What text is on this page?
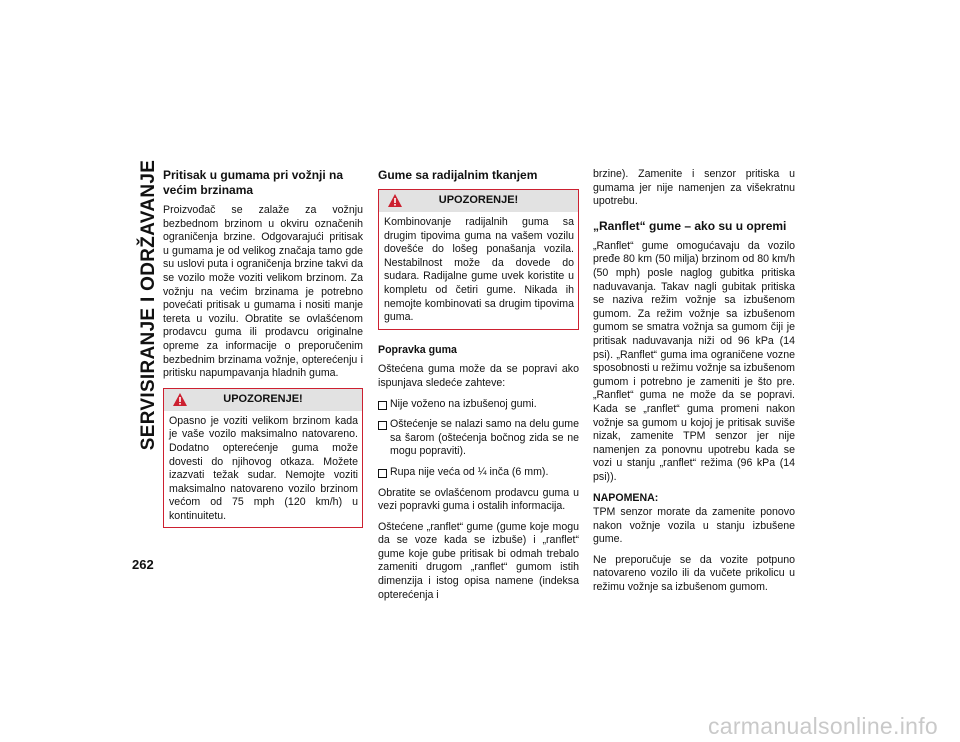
SERVISIRANJE I ODRŽAVANJE
262
Pritisak u gumama pri vožnji na većim brzinama

Proizvođač se zalaže za vožnju bezbednom brzinom u okviru označenih ograničenja brzine. Odgovarajući pritisak u gumama je od velikog značaja tamo gde su uslovi puta i ograničenja brzine takvi da se vozilo može voziti velikom brzinom. Za vožnju na većim brzinama je potrebno povećati pritisak u gumama i nositi manje tereta u vozilu. Obratite se ovlašćenom prodavcu guma ili prodavcu originalne opreme za informacije o preporučenim bezbednim brzinama vožnje, opterećenju i pritisku napumpavanja hladnih guma.

UPOZORENJE!
Opasno je voziti velikom brzinom kada je vaše vozilo maksimalno natovareno. Dodatno opterećenje guma može dovesti do njihovog otkaza. Možete izazvati težak sudar. Nemojte voziti maksimalno natovareno vozilo brzinom većom od 75 mph (120 km/h) u kontinuitetu.
Gume sa radijalnim tkanjem
UPOZORENJE!
Kombinovanje radijalnih guma sa drugim tipovima guma na vašem vozilu dovešće do lošeg ponašanja vozila. Nestabilnost može da dovede do sudara. Radijalne gume uvek koristite u kompletu od četiri gume. Nikada ih nemojte kombinovati sa drugim tipovima guma.
Popravka guma

Oštećena guma može da se popravi ako ispunjava sledeće zahteve:

Nije voženo na izbušenoj gumi.
Oštećenje se nalazi samo na delu gume sa šarom (oštećenja bočnog zida se ne mogu popraviti).
Rupa nije veća od ¼ inča (6 mm).

Obratite se ovlašćenom prodavcu guma u vezi popravki guma i ostalih informacija.

Oštećene „ranflet“ gume (gume koje mogu da se voze kada se izbuše) i „ranflet“ gume koje gube pritisak bi odmah trebalo zameniti drugom „ranflet“ gumom istih dimenzija i istog opisa namene (indeksa opterećenja i

brzine). Zamenite i senzor pritiska u gumama jer nije namenjen za višekratnu upotrebu.

„Ranflet“ gume – ako su u opremi

„Ranflet“ gume omogućavaju da vozilo pređe 80 km (50 milja) brzinom od 80 km/h (50 mph) posle naglog gubitka pritiska naduvavanja. Takav nagli gubitak pritiska se naziva režim vožnje sa izbušenom gumom. Za režim vožnje sa izbušenom gumom se smatra vožnja sa gumom čiji je pritisak naduvavanja niži od 96 kPa (14 psi). „Ranflet“ guma ima ograničene vozne sposobnosti u režimu vožnje sa izbušenom gumom i potrebno je zameniti je što pre. „Ranflet“ guma ne može da se popravi. Kada se „ranflet“ guma promeni nakon vožnje sa gumom u kojoj je pritisak suviše nizak, zamenite TPM senzor jer nije namenjen za ponovnu upotrebu kada se vozi u stanju „ranflet“ režima (96 kPa (14 psi)).

NAPOMENA:

TPM senzor morate da zamenite ponovo nakon vožnje vozila u stanju izbušene gume.

Ne preporučuje se da vozite potpuno natovareno vozilo ili da vučete prikolicu u režimu vožnje sa izbušenom gumom.

carmanualsonline.info
